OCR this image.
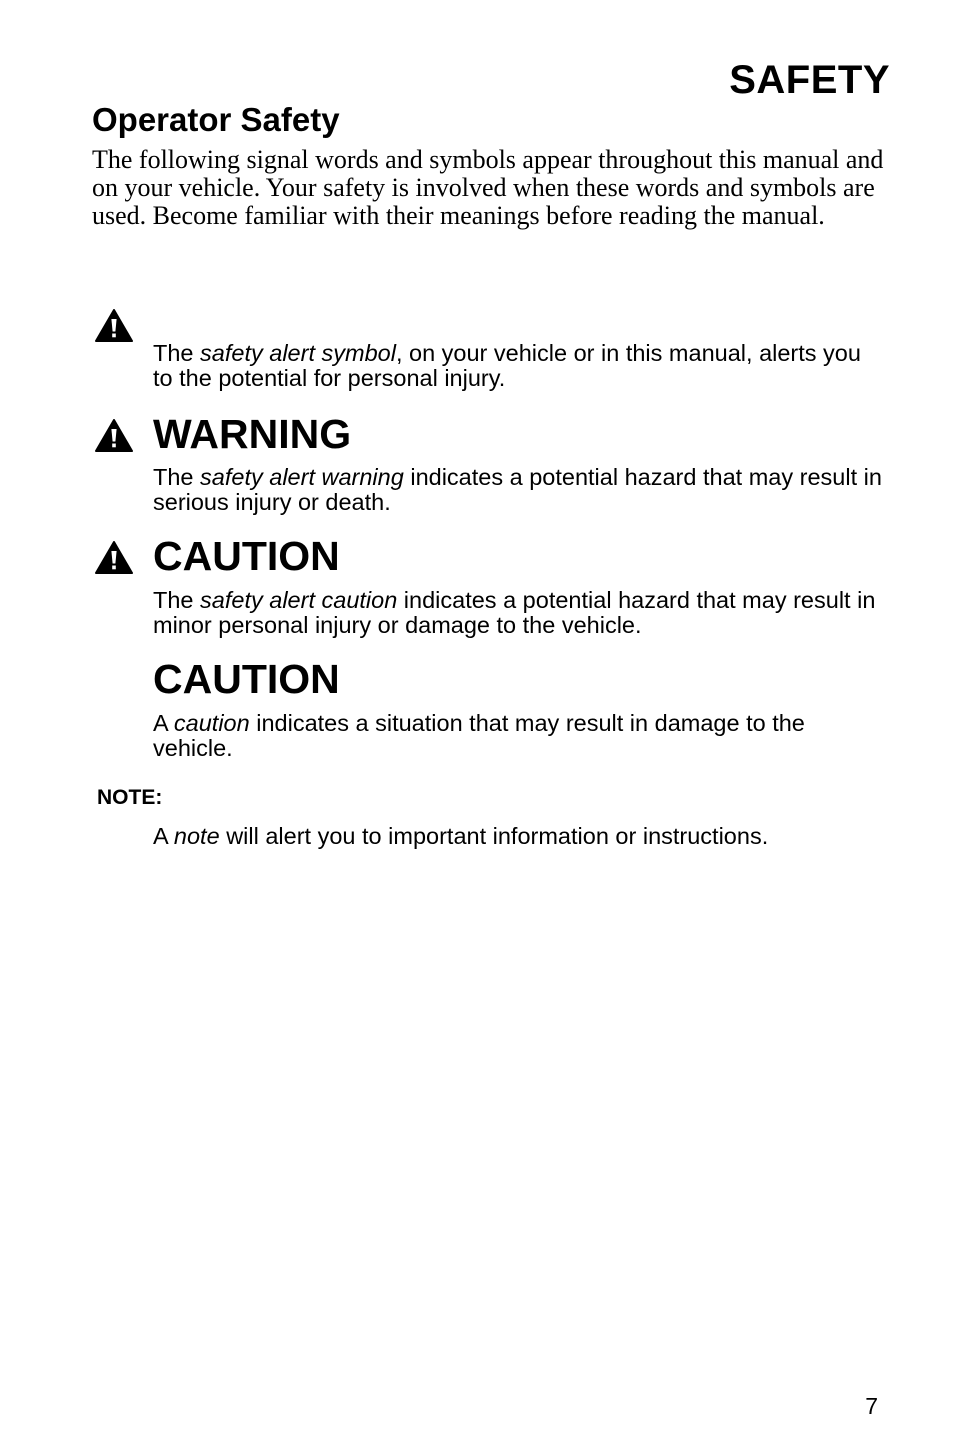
SAFETY
Operator Safety
The following signal words and symbols appear throughout this manual and on your vehicle. Your safety is involved when these words and symbols are used. Become familiar with their meanings before reading the manual.
The safety alert symbol, on your vehicle or in this manual, alerts you to the potential for personal injury.
WARNING
The safety alert warning indicates a potential hazard that may result in serious injury or death.
CAUTION
The safety alert caution indicates a potential hazard that may result in minor personal injury or damage to the vehicle.
CAUTION
A caution indicates a situation that may result in damage to the vehicle.
NOTE:
A note will alert you to important information or instructions.
7
